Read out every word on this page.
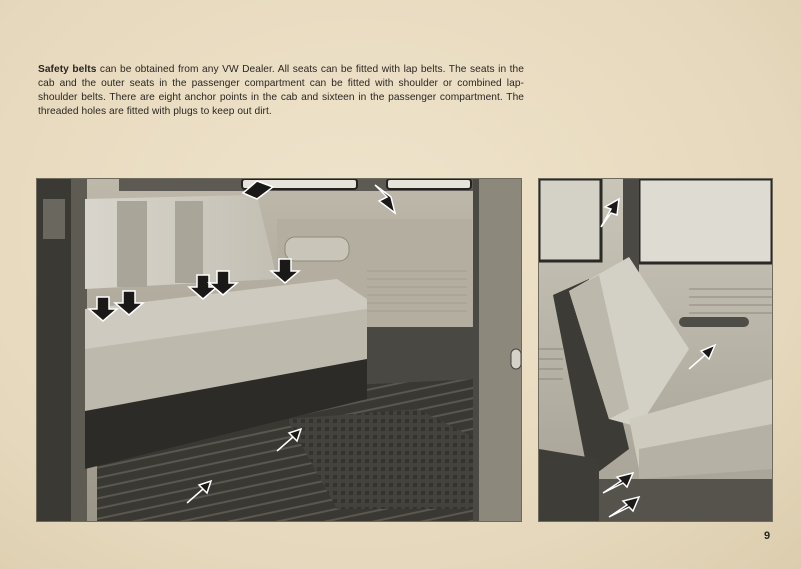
Safety belts can be obtained from any VW Dealer. All seats can be fitted with lap belts. The seats in the cab and the outer seats in the passenger compartment can be fitted with shoulder or combined lap-shoulder belts. There are eight anchor points in the cab and sixteen in the passenger compartment. The threaded holes are fitted with plugs to keep out dirt.

9
